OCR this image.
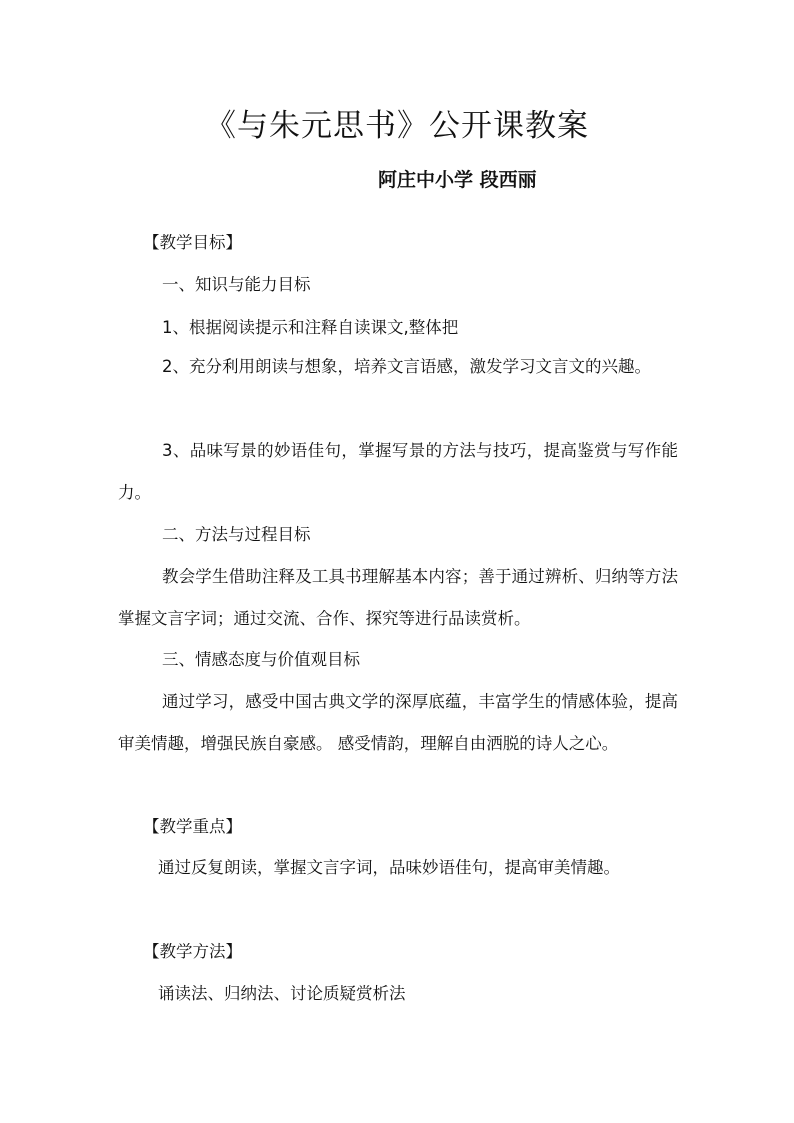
《与朱元思书》公开课教案
阿庄中小学 段西丽
【教学目标】
一、知识与能力目标
1、根据阅读提示和注释自读课文,整体把
2、充分利用朗读与想象，培养文言语感，激发学习文言文的兴趣。
3、品味写景的妙语佳句，掌握写景的方法与技巧，提高鉴赏与写作能力。
二、方法与过程目标
教会学生借助注释及工具书理解基本内容；善于通过辨析、归纳等方法掌握文言字词；通过交流、合作、探究等进行品读赏析。
三、情感态度与价值观目标
通过学习，感受中国古典文学的深厚底蕴，丰富学生的情感体验，提高审美情趣，增强民族自豪感。 感受情韵，理解自由洒脱的诗人之心。
【教学重点】
通过反复朗读，掌握文言字词，品味妙语佳句，提高审美情趣。
【教学方法】
诵读法、归纳法、讨论质疑赏析法
